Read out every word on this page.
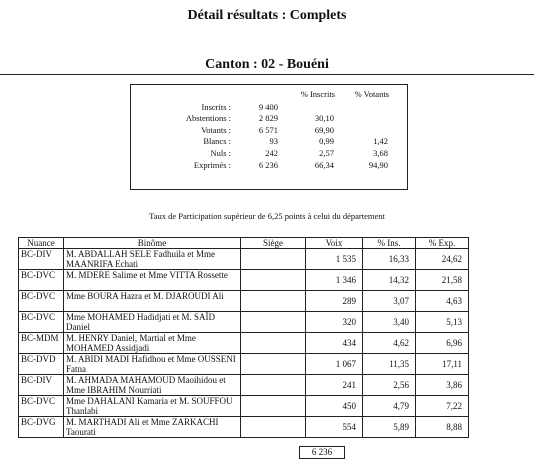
Détail résultats : Complets
Canton : 02 - Bouéni
		% Inscrits	% Votants
Inscrits :	9 400		
Abstentions :	2 829	30,10	
Votants :	6 571	69,90	
Blancs :	93	0,99	1,42
Nuls :	242	2,57	3,68
Exprimés :	6 236	66,34	94,90
Taux de Participation supérieur de 6,25 points à celui du département
Nuance	Binôme	Siège	Voix	% Ins.	% Exp.
BC-DIV	M. ABDALLAH SELE Fadhuila et Mme MAANRIFA Echati		1 535	16,33	24,62
BC-DVC	M. MDERE Salime et Mme VITTA Rossette		1 346	14,32	21,58
BC-DVC	Mme BOURA Hazra et M. DJAROUDI Ali		289	3,07	4,63
BC-DVC	Mme MOHAMED Hadidjati et M. SAÏD Daniel		320	3,40	5,13
BC-MDM	M. HENRY Daniel, Martial et Mme MOHAMED Assidjadi		434	4,62	6,96
BC-DVD	M. ABIDI MADI Hafidhou et Mme OUSSENI Fatna		1 067	11,35	17,11
BC-DIV	M. AHMADA MAHAMOUD Maoihidou et Mme IBRAHIM Nourriati		241	2,56	3,86
BC-DVC	Mme DAHALANI Kamaria et M. SOUFFOU Thanlabi		450	4,79	7,22
BC-DVG	M. MARTHADI Ali et Mme ZARKACHI Taourati		554	5,89	8,88
6 236
